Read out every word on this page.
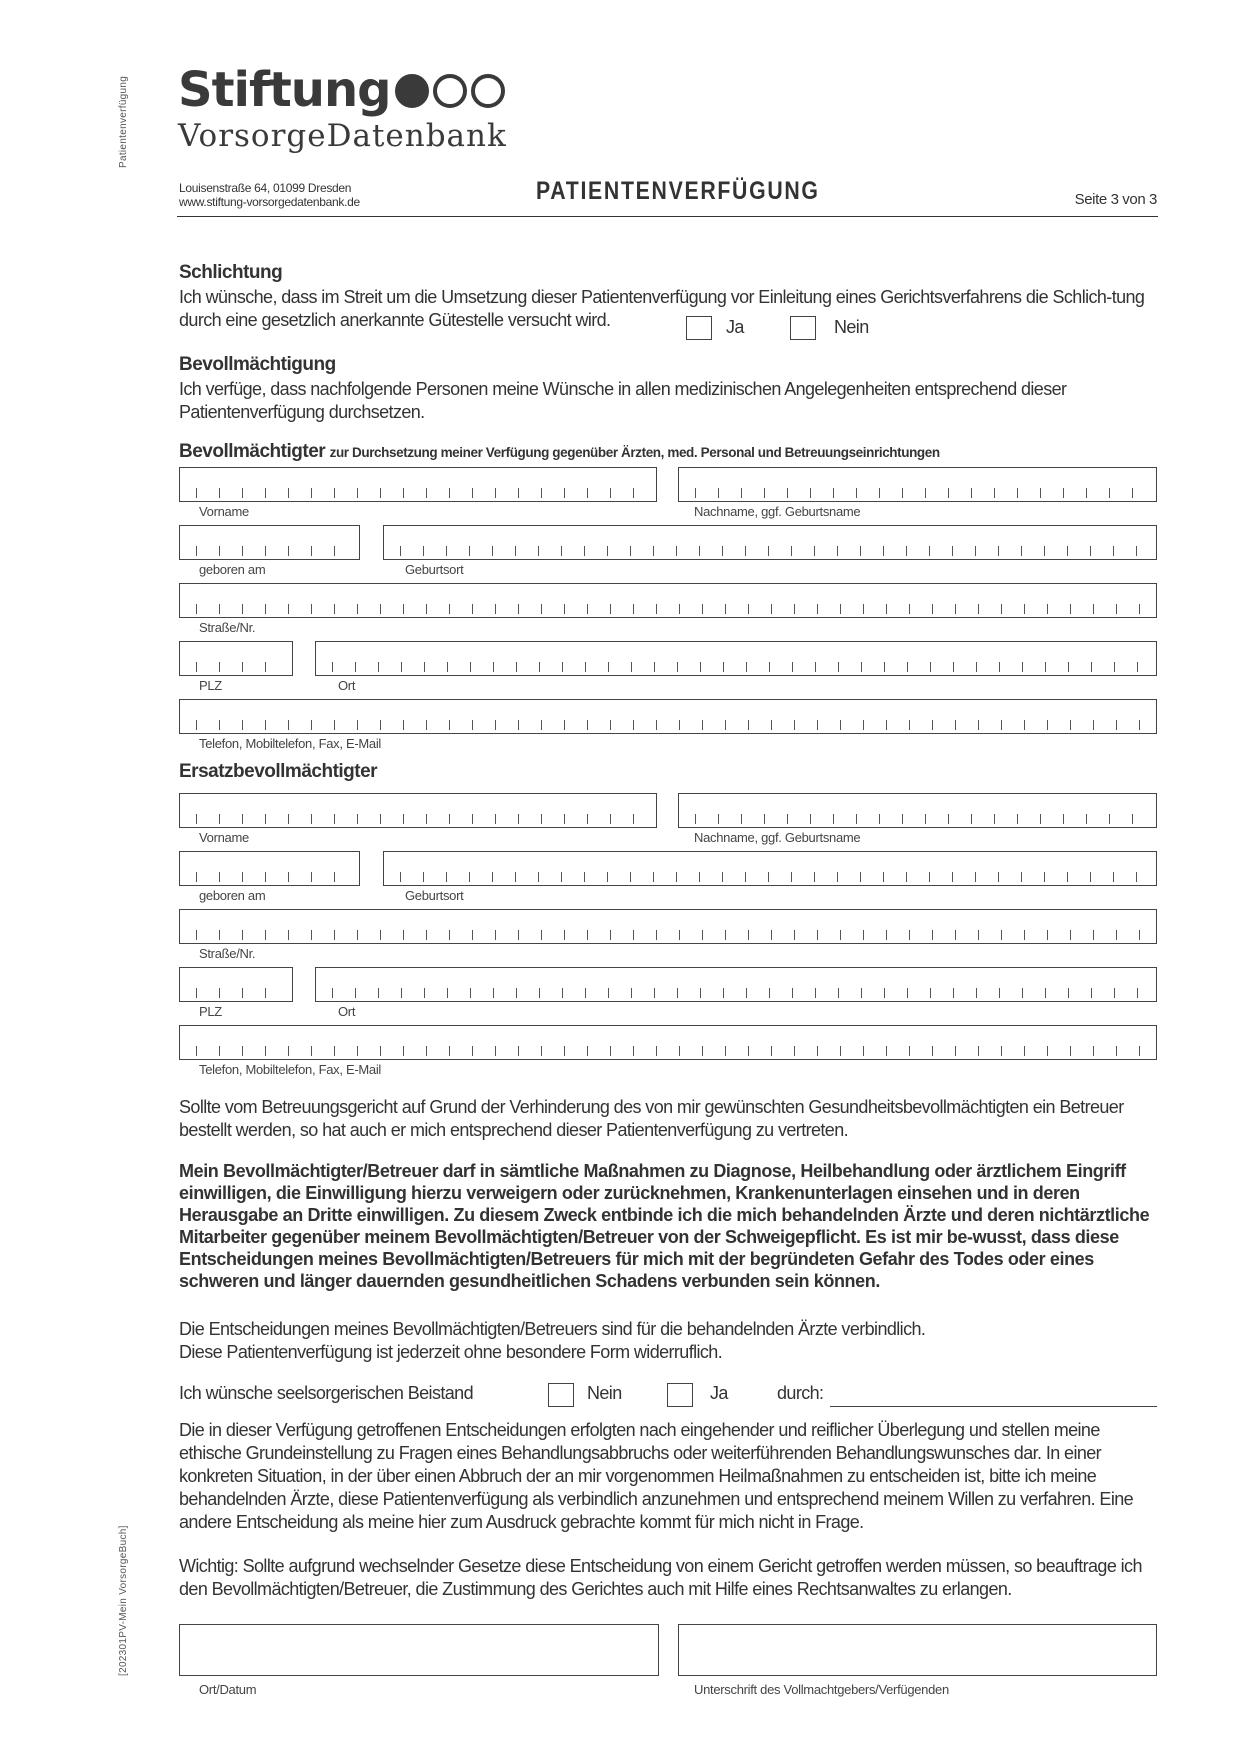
Patientenverfügung
[202301PV-Mein VorsorgeBuch]
Stiftung
VorsorgeDatenbank
Louisenstraße 64, 01099 Dresden
www.stiftung-vorsorgedatenbank.de	PATIENTENVERFÜGUNG	Seite 3 von 3
Schlichtung
Ich wünsche, dass im Streit um die Umsetzung dieser Patientenverfügung vor Einleitung eines Gerichtsverfahrens die Schlich-tung durch eine gesetzlich anerkannte Gütestelle versucht wird.	Ja	Nein
Bevollmächtigung
Ich verfüge, dass nachfolgende Personen meine Wünsche in allen medizinischen Angelegenheiten entsprechend dieser Patientenverfügung durchsetzen.
Bevollmächtigter zur Durchsetzung meiner Verfügung gegenüber Ärzten, med. Personal und Betreuungseinrichtungen
Vorname	Nachname, ggf. Geburtsname
geboren am	Geburtsort
Straße/Nr.
PLZ	Ort
Telefon, Mobiltelefon, Fax, E-Mail
Ersatzbevollmächtigter
Vorname	Nachname, ggf. Geburtsname
geboren am	Geburtsort
Straße/Nr.
PLZ	Ort
Telefon, Mobiltelefon, Fax, E-Mail
Sollte vom Betreuungsgericht auf Grund der Verhinderung des von mir gewünschten Gesundheitsbevollmächtigten ein Betreuer bestellt werden, so hat auch er mich entsprechend dieser Patientenverfügung zu vertreten.
Mein Bevollmächtigter/Betreuer darf in sämtliche Maßnahmen zu Diagnose, Heilbehandlung oder ärztlichem Eingriff einwilligen, die Einwilligung hierzu verweigern oder zurücknehmen, Krankenunterlagen einsehen und in deren Herausgabe an Dritte einwilligen. Zu diesem Zweck entbinde ich die mich behandelnden Ärzte und deren nichtärztliche Mitarbeiter gegenüber meinem Bevollmächtigten/Betreuer von der Schweigepflicht. Es ist mir be-wusst, dass diese Entscheidungen meines Bevollmächtigten/Betreuers für mich mit der begründeten Gefahr des Todes oder eines schweren und länger dauernden gesundheitlichen Schadens verbunden sein können.
Die Entscheidungen meines Bevollmächtigten/Betreuers sind für die behandelnden Ärzte verbindlich.
Diese Patientenverfügung ist jederzeit ohne besondere Form widerruflich.
Ich wünsche seelsorgerischen Beistand	Nein	Ja	durch:
Die in dieser Verfügung getroffenen Entscheidungen erfolgten nach eingehender und reiflicher Überlegung und stellen meine ethische Grundeinstellung zu Fragen eines Behandlungsabbruchs oder weiterführenden Behandlungswunsches dar. In einer konkreten Situation, in der über einen Abbruch der an mir vorgenommen Heilmaßnahmen zu entscheiden ist, bitte ich meine behandelnden Ärzte, diese Patientenverfügung als verbindlich anzunehmen und entsprechend meinem Willen zu verfahren. Eine andere Entscheidung als meine hier zum Ausdruck gebrachte kommt für mich nicht in Frage.
Wichtig: Sollte aufgrund wechselnder Gesetze diese Entscheidung von einem Gericht getroffen werden müssen, so beauftrage ich den Bevollmächtigten/Betreuer, die Zustimmung des Gerichtes auch mit Hilfe eines Rechtsanwaltes zu erlangen.
Ort/Datum	Unterschrift des Vollmachtgebers/Verfügenden
